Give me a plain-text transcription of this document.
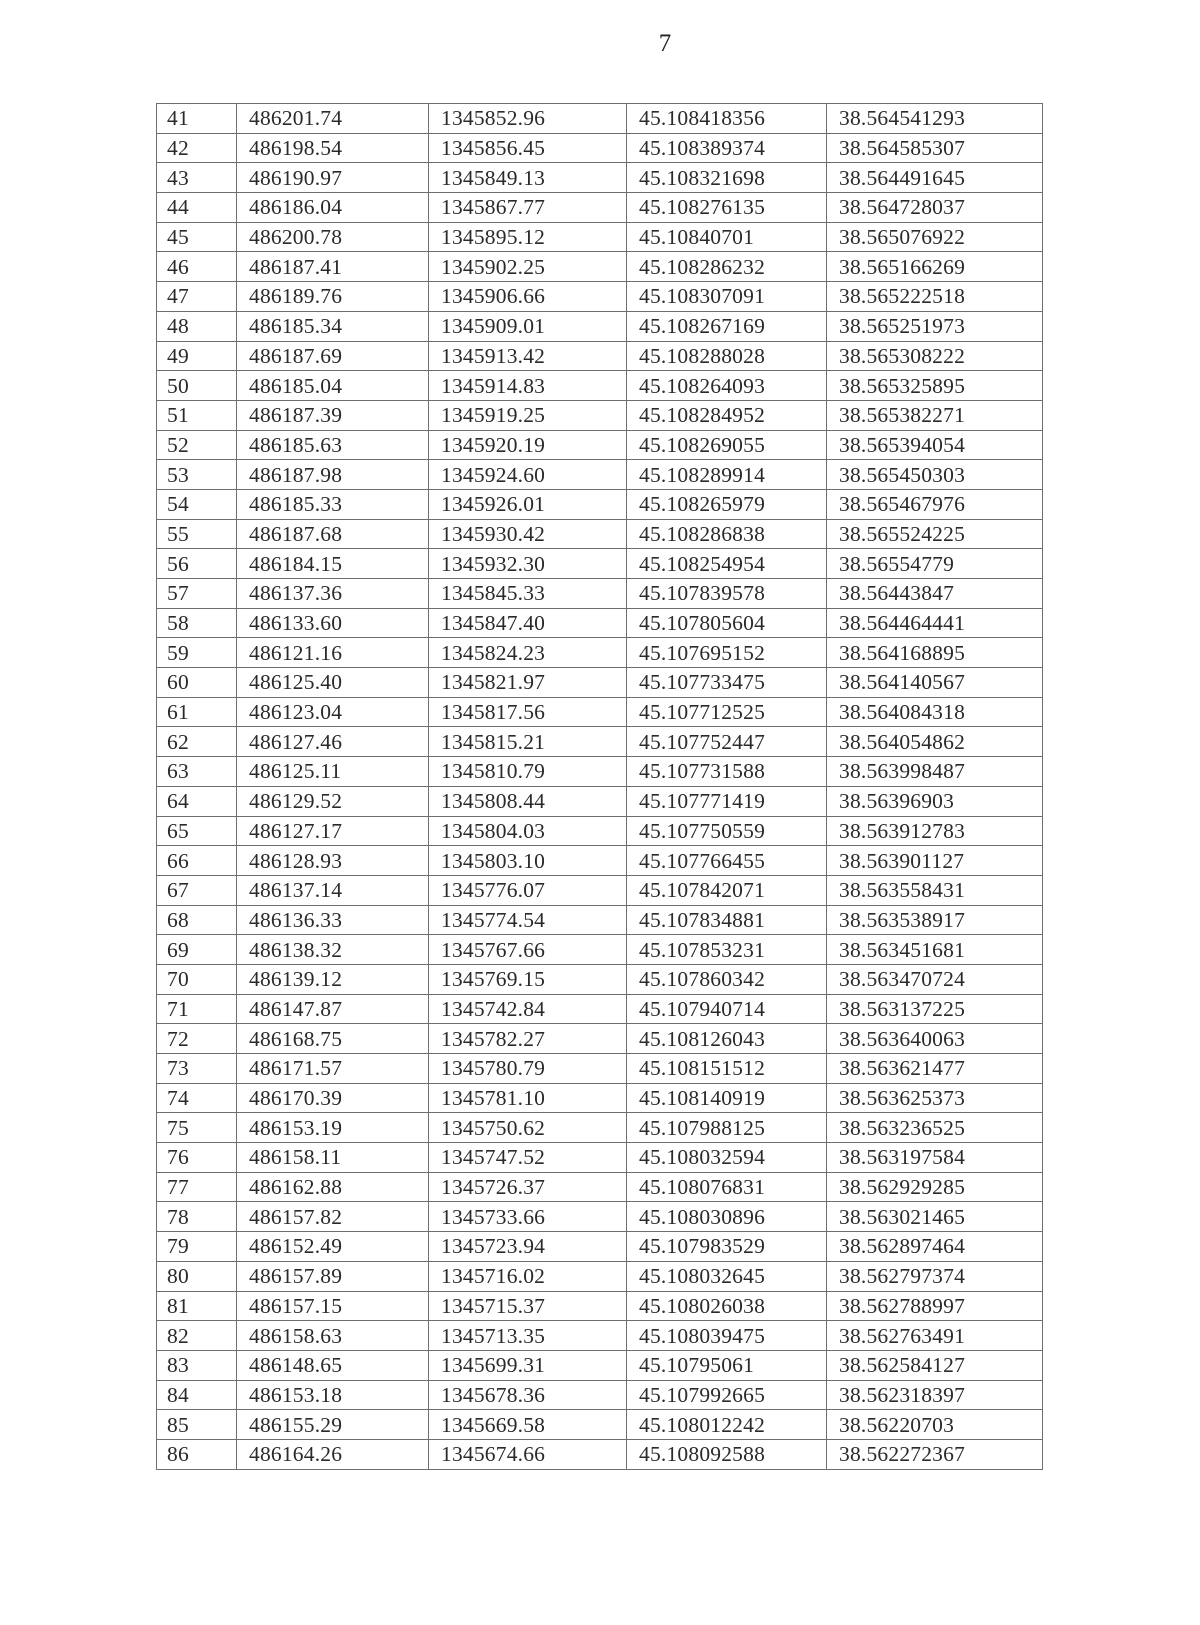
7
41	486201.74	1345852.96	45.108418356	38.564541293
42	486198.54	1345856.45	45.108389374	38.564585307
43	486190.97	1345849.13	45.108321698	38.564491645
44	486186.04	1345867.77	45.108276135	38.564728037
45	486200.78	1345895.12	45.10840701	38.565076922
46	486187.41	1345902.25	45.108286232	38.565166269
47	486189.76	1345906.66	45.108307091	38.565222518
48	486185.34	1345909.01	45.108267169	38.565251973
49	486187.69	1345913.42	45.108288028	38.565308222
50	486185.04	1345914.83	45.108264093	38.565325895
51	486187.39	1345919.25	45.108284952	38.565382271
52	486185.63	1345920.19	45.108269055	38.565394054
53	486187.98	1345924.60	45.108289914	38.565450303
54	486185.33	1345926.01	45.108265979	38.565467976
55	486187.68	1345930.42	45.108286838	38.565524225
56	486184.15	1345932.30	45.108254954	38.56554779
57	486137.36	1345845.33	45.107839578	38.56443847
58	486133.60	1345847.40	45.107805604	38.564464441
59	486121.16	1345824.23	45.107695152	38.564168895
60	486125.40	1345821.97	45.107733475	38.564140567
61	486123.04	1345817.56	45.107712525	38.564084318
62	486127.46	1345815.21	45.107752447	38.564054862
63	486125.11	1345810.79	45.107731588	38.563998487
64	486129.52	1345808.44	45.107771419	38.56396903
65	486127.17	1345804.03	45.107750559	38.563912783
66	486128.93	1345803.10	45.107766455	38.563901127
67	486137.14	1345776.07	45.107842071	38.563558431
68	486136.33	1345774.54	45.107834881	38.563538917
69	486138.32	1345767.66	45.107853231	38.563451681
70	486139.12	1345769.15	45.107860342	38.563470724
71	486147.87	1345742.84	45.107940714	38.563137225
72	486168.75	1345782.27	45.108126043	38.563640063
73	486171.57	1345780.79	45.108151512	38.563621477
74	486170.39	1345781.10	45.108140919	38.563625373
75	486153.19	1345750.62	45.107988125	38.563236525
76	486158.11	1345747.52	45.108032594	38.563197584
77	486162.88	1345726.37	45.108076831	38.562929285
78	486157.82	1345733.66	45.108030896	38.563021465
79	486152.49	1345723.94	45.107983529	38.562897464
80	486157.89	1345716.02	45.108032645	38.562797374
81	486157.15	1345715.37	45.108026038	38.562788997
82	486158.63	1345713.35	45.108039475	38.562763491
83	486148.65	1345699.31	45.10795061	38.562584127
84	486153.18	1345678.36	45.107992665	38.562318397
85	486155.29	1345669.58	45.108012242	38.56220703
86	486164.26	1345674.66	45.108092588	38.562272367
